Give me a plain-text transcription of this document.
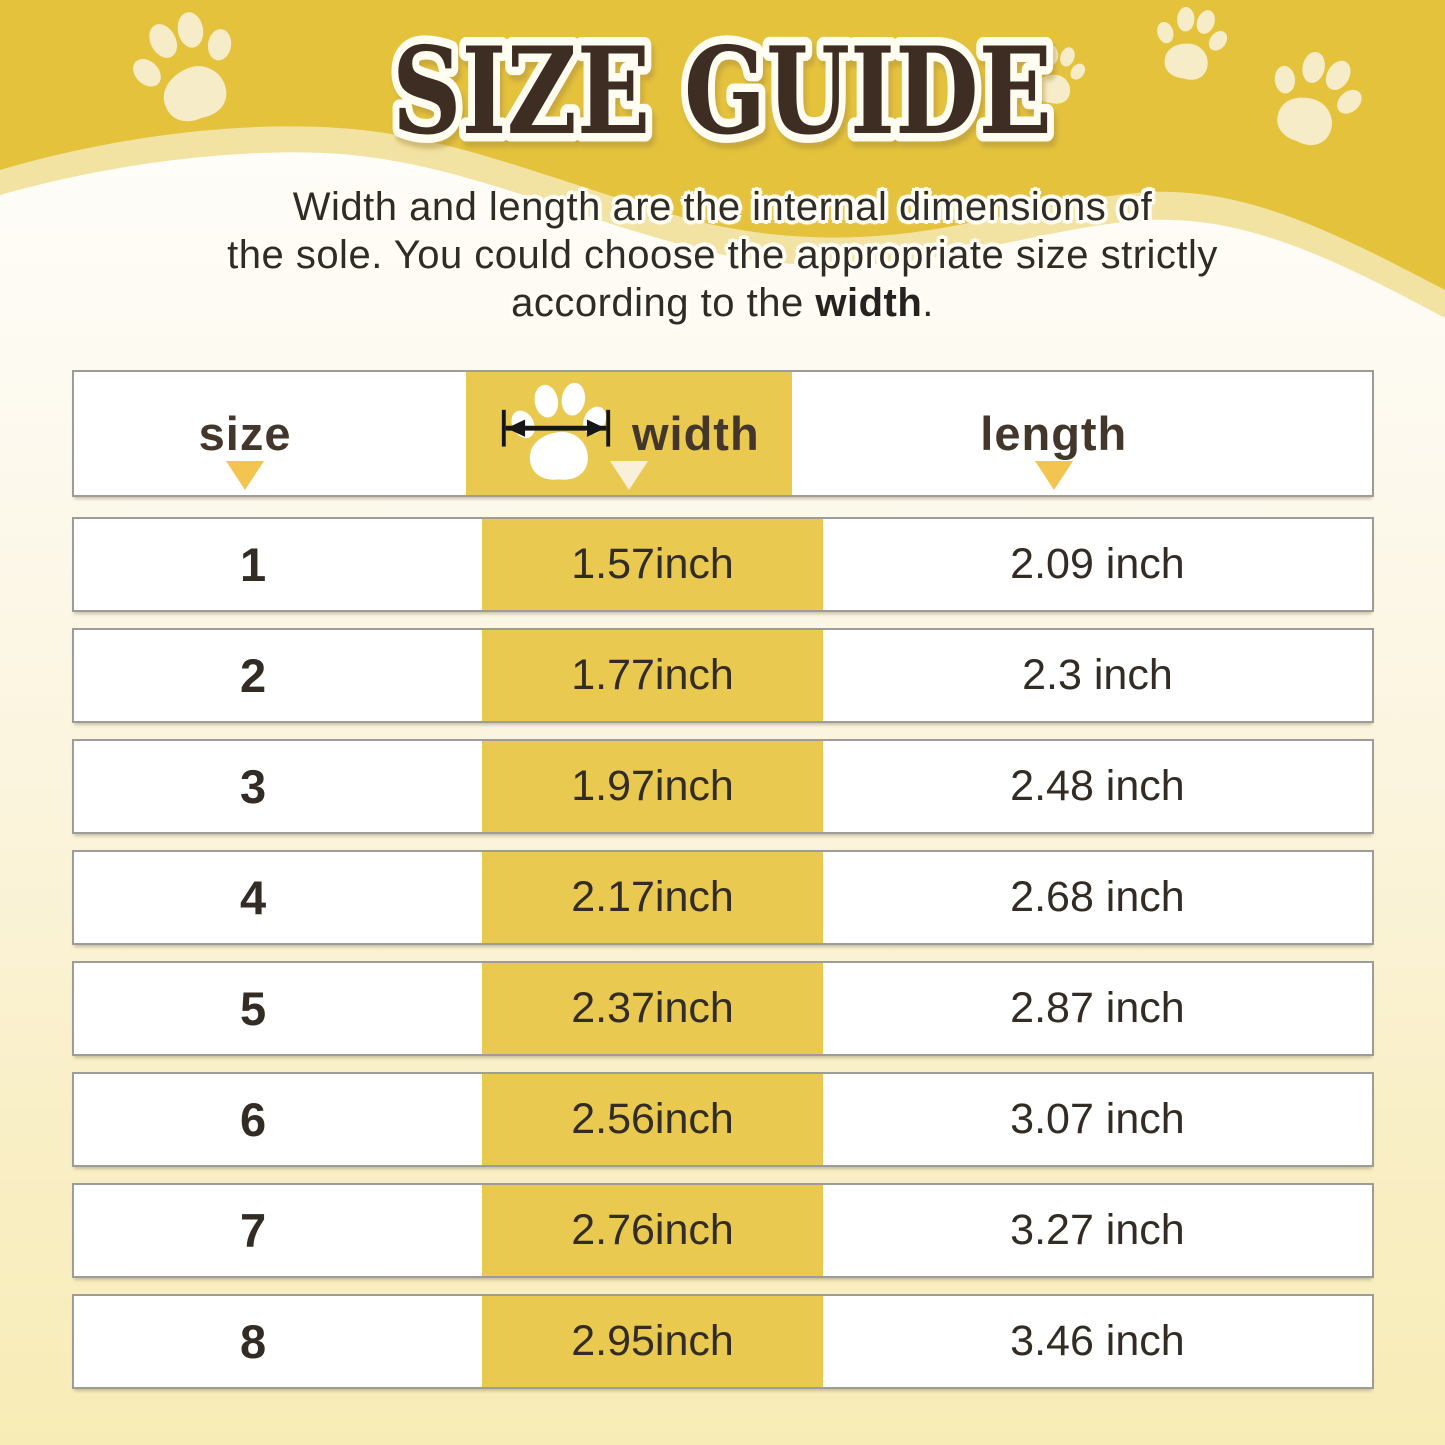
SIZE GUIDE
Width and length are the internal dimensions of
the sole. You could choose the appropriate size strictly
according to the width.
size	width	length
1	1.57inch	2.09 inch
2	1.77inch	2.3 inch
3	1.97inch	2.48 inch
4	2.17inch	2.68 inch
5	2.37inch	2.87 inch
6	2.56inch	3.07 inch
7	2.76inch	3.27 inch
8	2.95inch	3.46 inch
